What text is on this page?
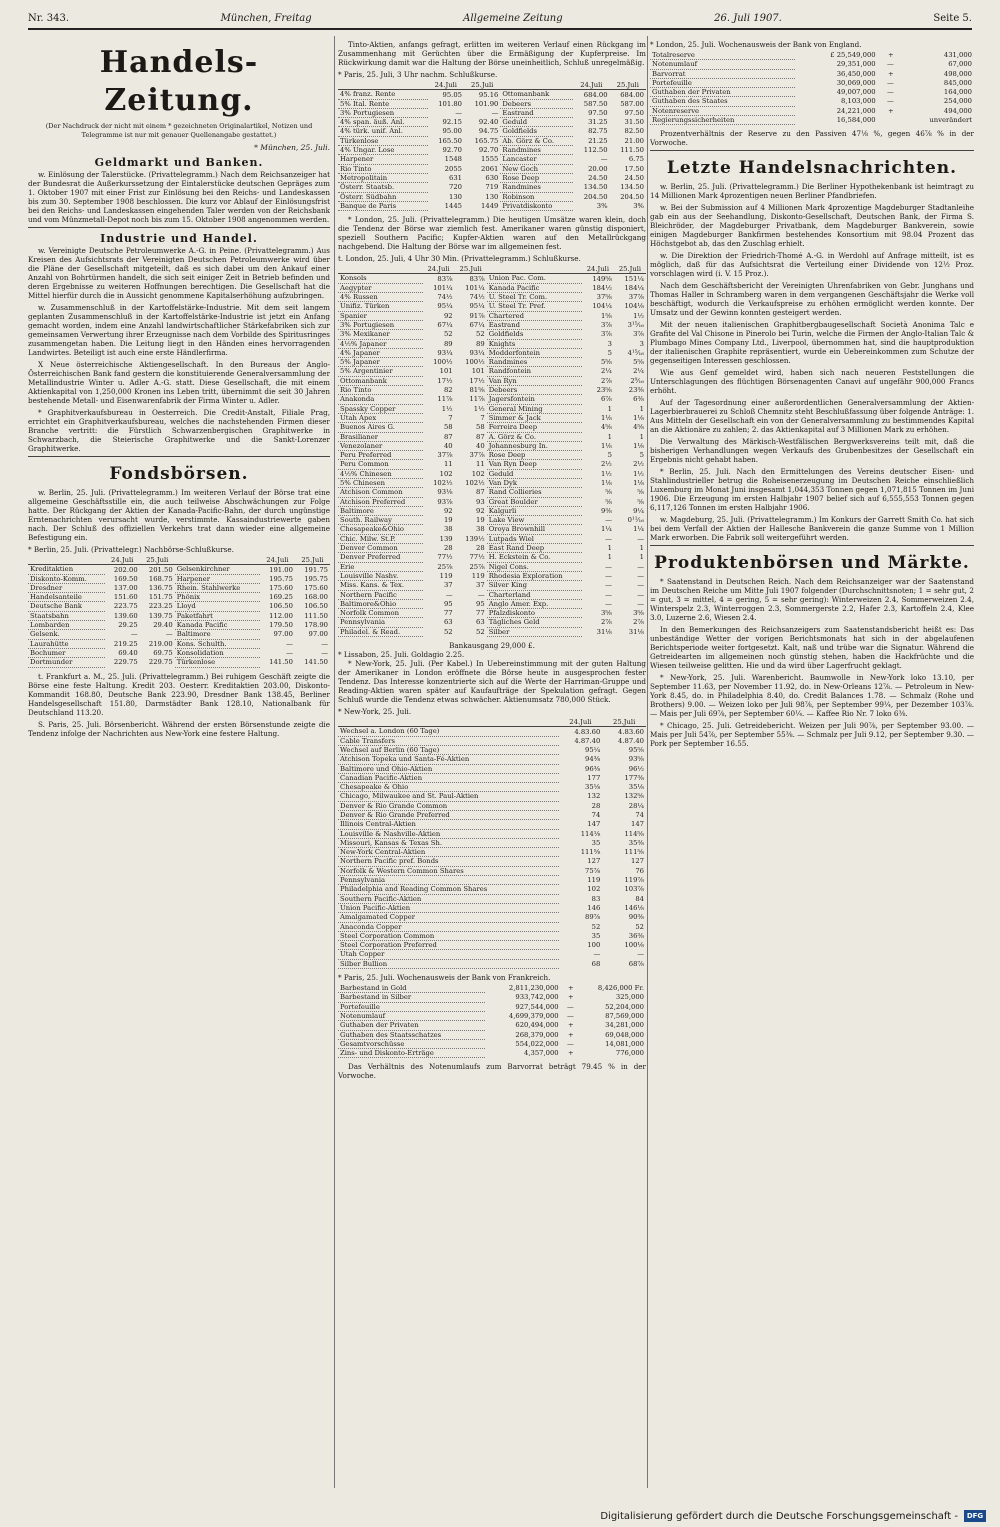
Nr. 343.	München, Freitag	Allgemeine Zeitung	26. Juli 1907.	Seite 5.
Handels-Zeitung.
(Der Nachdruck der nicht mit einem * gezeichneten Originalartikel, Notizen und Telegramme ist nur mit genauer Quellenangabe gestattet.)
* München, 25. Juli.
Geldmarkt und Banken.

w. Einlösung der Talerstücke. (Privattelegramm.) Nach dem Reichsanzeiger hat der Bundesrat die Außerkurssetzung der Eintalerstücke deutschen Gepräges zum 1. Oktober 1907 mit einer Frist zur Einlösung bei den Reichs- und Landeskassen bis zum 30. September 1908 beschlossen. Die kurz vor Ablauf der Einlösungsfrist bei den Reichs- und Landeskassen eingehenden Taler werden von der Reichsbank und vom Münzmetall-Depot noch bis zum 15. Oktober 1908 angenommen werden.

Industrie und Handel.

w. Vereinigte Deutsche Petroleumwerke A.-G. in Peine. (Privattelegramm.) Aus Kreisen des Aufsichtsrats der Vereinigten Deutschen Petroleumwerke wird über die Pläne der Gesellschaft mitgeteilt, daß es sich dabei um den Ankauf einer Anzahl von Bohrtürmen handelt, die sich seit einiger Zeit in Betrieb befinden und deren Ergebnisse zu weiteren Hoffnungen berechtigen. Die Gesellschaft hat die Mittel hierfür durch die in Aussicht genommene Kapitalserhöhung aufzubringen.

w. Zusammenschluß in der Kartoffelstärke-Industrie. Mit dem seit langem geplanten Zusammenschluß in der Kartoffelstärke-Industrie ist jetzt ein Anfang gemacht worden, indem eine Anzahl landwirtschaftlicher Stärkefabriken sich zur gemeinsamen Verwertung ihrer Erzeugnisse nach dem Vorbilde des Spiritusringes zusammengetan haben. Die Leitung liegt in den Händen eines hervorragenden Landwirtes. Beteiligt ist auch eine erste Händlerfirma.

X Neue österreichische Aktiengesellschaft. In den Bureaus der Anglo-Österreichischen Bank fand gestern die konstituierende Generalversammlung der Metallindustrie Winter u. Adler A.-G. statt. Diese Gesellschaft, die mit einem Aktienkapital von 1,250,000 Kronen ins Leben tritt, übernimmt die seit 30 Jahren bestehende Metall- und Eisenwarenfabrik der Firma Winter u. Adler.

* Graphitverkaufsbureau in Oesterreich. Die Credit-Anstalt, Filiale Prag, errichtet ein Graphitverkaufsbureau, welches die nachstehenden Firmen dieser Branche vertritt: die Fürstlich Schwarzenbergischen Graphitwerke in Schwarzbach, die Steierische Graphitwerke und die Sankt-Lorenzer Graphitwerke.

Fondsbörsen.

w. Berlin, 25. Juli. (Privattelegramm.) Im weiteren Verlauf der Börse trat eine allgemeine Geschäftsstille ein, die auch teilweise Abschwächungen zur Folge hatte. Der Rückgang der Aktien der Kanada-Pacific-Bahn, der durch ungünstige Erntenachrichten verursacht wurde, verstimmte. Kassaindustriewerte gaben nach. Der Schluß des offiziellen Verkehrs trat dann wieder eine allgemeine Befestigung ein.

* Berlin, 25. Juli. (Privattelegr.) Nachbörse-Schlußkurse.
	24.Juli	25.Juli		24.Juli	25.Juli
Kreditaktien	202.00	201.50	Gelsenkirchner	191.00	191.75
Diskonto-Komm.	169.50	168.75	Harpener	195.75	195.75
Dresdner	137.00	136.75	Rhein. Stahlwerke	175.60	175.60
Handelsanteile	151.60	151.75	Phönix	169.25	168.00
Deutsche Bank	223.75	223.25	Lloyd	106.50	106.50
Staatsbahn	139.60	139.75	Paketfahrt	112.00	111.50
Lombarden	29.25	29.40	Kanada Pacific	179.50	178.90
Gelsenk.	—	—	Baltimore	97.00	97.00
Laurahütte	219.25	219.00	Kons. Schulth.	—	—
Bochumer	69.40	69.75	Konsolidation	—	—
Dortmunder	229.75	229.75	Türkenlose	141.50	141.50

t. Frankfurt a. M., 25. Juli. (Privattelegramm.) Bei ruhigem Geschäft zeigte die Börse eine feste Haltung. Kredit 203. Oesterr. Kreditaktien 203.00, Diskonto-Kommandit 168.80, Deutsche Bank 223.90, Dresdner Bank 138.45, Berliner Handelsgesellschaft 151.80, Darmstädter Bank 128.10, Nationalbank für Deutschland 113.20.

S. Paris, 25. Juli. Börsenbericht. Während der ersten Börsenstunde zeigte die Tendenz infolge der Nachrichten aus New-York eine festere Haltung.

Tinto-Aktien, anfangs gefragt, erlitten im weiteren Verlauf einen Rückgang im Zusammenhang mit Gerüchten über die Ermäßigung der Kupferpreise. Im Rückwirkung damit war die Haltung der Börse uneinheitlich, Schluß unregelmäßig.

* Paris, 25. Juli, 3 Uhr nachm. Schlußkurse.
	24.Juli	25.Juli		24.Juli	25.Juli
4% franz. Rente	95.05	95.16	Ottomanbank	684.00	684.00
5% Ital. Rente	101.80	101.90	Debeers	587.50	587.00
3% Portugiesen	—	—	Eastrand	97.50	97.50
4% span. äuß. Anl.	92.15	92.40	Geduld	31.25	31.50
4% türk. unif. Anl.	95.00	94.75	Goldfields	82.75	82.50
Türkenlose	165.50	165.75	Ab. Görz & Co.	21.25	21.00
4% Ungar. Lose	92.70	92.70	Randmines	112.50	111.50
Harpener	1548	1555	Lancaster	—	6.75
Rio Tinto	2055	2061	New Goch	20.00	17.50
Metropolitain	631	630	Rose Deep	24.50	24.50
Österr. Staatsb.	720	719	Randmines	134.50	134.50
Österr. Südbahn	130	130	Robinson	204.50	204.50
Banque de Paris	1445	1449	Privatdiskonto	3%	3%

* London, 25. Juli. (Privattelegramm.) Die heutigen Umsätze waren klein, doch die Tendenz der Börse war ziemlich fest. Amerikaner waren günstig disponiert, speziell Southern Pacific; Kupfer-Aktien waren auf den Metallrückgang nachgebend. Die Haltung der Börse war im allgemeinen fest.

t. London, 25. Juli, 4 Uhr 30 Min. (Privattelegramm.) Schlußkurse.
	24.Juli	25.Juli		24.Juli	25.Juli
Konsols	83⅞	83⅞	Union Pac. Com.	149⅝	151¼
Aegypter	101¼	101¼	Kanada Pacific	184½	184¼
4% Russen	74½	74½	U. Steel Tr. Com.	37⅝	37⅞
Unifiz. Türken	95¼	95¼	U. Steel Tr. Pref.	104¼	104⅛
Spanier	92	91⅞	Chartered	1⅝	1½
3% Portugiesen	67¼	67¼	Eastrand	3⅞	3¹⁵⁄₁₆
3% Mexikaner	52	52	Goldfields	3⅞	3⅞
4½% Japaner	89	89	Knights	3	3
4% Japaner	93¼	93¼	Modderfontein	5	4¹⁵⁄₁₆
5% Japaner	100½	100½	Randmines	5⅝	5⅝
5% Argentinier	101	101	Randfontein	2¼	2¼
Ottomanbank	17½	17½	Van Ryn	2⅞	2⁹⁄₁₆
Rio Tinto	82	81⅝	Debeers	23⅝	23⅜
Anakonda	11⅞	11⅞	Jagersfontein	6⅞	6⅜
Spassky Copper	1½	1½	General Mining	1	1
Utah Apex	7	7	Simmer & Jack	1⅛	1⅛
Buenos Aires G.	58	58	Ferreira Deep	4⅝	4⅝
Brasilianer	87	87	A. Görz & Co.	1	1
Venezolaner	40	40	Johannesburg In.	1⅛	1⅛
Peru Preferred	37⅞	37⅞	Rose Deep	5	5
Peru Common	11	11	Van Ryn Deep	2½	2½
4½% Chinesen	102	102	Geduld	1½	1½
5% Chinesen	102½	102½	Van Dyk	1⅛	1⅛
Atchison Common	93⅛	87	Rand Collieries	⅝	⅝
Atchison Preferred	93⅞	93	Great Boulder	⅝	⅝
Baltimore	92	92	Kalgurli	9⅜	9¼
South. Railway	19	19	Lake View	—	0¹¹⁄₁₆
Chesapeake&Ohio	38	38	Oroya Brownhill	1¼	1¼
Chic. Milw. St.P.	139	139½	Lutpads Wiel	—	—
Denver Common	28	28	East Rand Deep	1	1
Denver Preferred	77½	77½	H. Eckstein & Co.	1	1
Erie	25⅞	25⅞	Nigel Cons.	—	—
Louisville Nashv.	119	119	Rhodesia Exploration	—	—
Miss. Kans. & Tex.	37	37	Silver King	—	—
Northern Pacific	—	—	Charterland	—	—
Baltimore&Ohio	95	95	Anglo Amer. Exp.	—	—
Norfolk Common	77	77	Pfalzdiskonto	3⅝	3⅝
Pennsylvania	63	63	Tägliches Geld	2⅞	2⅞
Philadel. & Read.	52	52	Silber	31⅛	31⅛
Bankausgang 29,000 £.
* Lissabon, 25. Juli. Goldagio 2.25.

* New-York, 25. Juli. (Per Kabel.) In Uebereinstimmung mit der guten Haltung der Amerikaner in London eröffnete die Börse heute in ausgesprochen fester Tendenz. Das Interesse konzentrierte sich auf die Werte der Harriman-Gruppe und Reading-Aktien waren später auf Kaufaufträge der Spekulation gefragt. Gegen Schluß wurde die Tendenz etwas schwächer. Aktienumsatz 780,000 Stück.

* New-York, 25. Juli.
	24.Juli	25.Juli
Wechsel a. London (60 Tage)	4.83.60	4.83.60
Cable Transfers	4.87.40	4.87.40
Wechsel auf Berlin (60 Tage)	95¼	95⅝
Atchison Topeka und Santa-Fé-Aktien	94⅜	93⅝
Baltimore und Ohio-Aktien	96⅜	96½
Canadian Pacific-Aktien	177	177⅜
Chesapeake & Ohio	35⅛	35⅛
Chicago, Milwaukee and St. Paul-Aktien	132	132⅝
Denver & Rio Grande Common	28	28¼
Denver & Rio Grande Preferred	74	74
Illinois Central-Aktien	147	147
Louisville & Nashville-Aktien	114⅛	114⅝
Missouri, Kansas & Texas Sh.	35	35⅜
New-York Central-Aktien	111⅝	111⅝
Northern Pacific pref. Bonds	127	127
Norfolk & Western Common Shares	75⅞	76
Pennsylvania	119	119⅞
Philadelphia and Reading Common Shares	102	103⅞
Southern Pacific-Aktien	83	84
Union Pacific-Aktien	146	146⅛
Amalgamated Copper	89⅞	90⅜
Anaconda Copper	52	52
Steel Corporation Common	35	36⅜
Steel Corporation Preferred	100	100⅛
Utah Copper	—	—
Silber Bullion	68	68⅞
* Paris, 25. Juli. Wochenausweis der Bank von Frankreich.
Barbestand in Gold	2,811,230,000	+	8,426,000 Fr.
Barbestand in Silber	933,742,000	+	325,000
Portefeuille	927,544,000	—	52,204,000
Notenumlauf	4,699,379,000	—	87,569,000
Guthaben der Privaten	620,494,000	+	34,281,000
Guthaben des Staatsschatzes	268,379,000	+	69,048,000
Gesamtvorschüsse	554,022,000	—	14,081,000
Zins- und Diskonto-Erträge	4,357,000	+	776,000

Das Verhältnis des Notenumlaufs zum Barvorrat beträgt 79.45 % in der Vorwoche.

* London, 25. Juli. Wochenausweis der Bank von England.
Totalreserve	£ 25,549,000	+	431,000
Notenumlauf	29,351,000	—	67,000
Barvorrat	36,450,000	+	498,000
Portefeuille	30,069,000	—	845,000
Guthaben der Privaten	49,007,000	—	164,000
Guthaben des Staates	8,103,000	—	254,000
Notenreserve	24,221,000	+	494,000
Regierungssicherheiten	16,584,000		unverändert

Prozentverhältnis der Reserve zu den Passiven 47⅛ %, gegen 46⅞ % in der Vorwoche.

Letzte Handelsnachrichten.

w. Berlin, 25. Juli. (Privattelegramm.) Die Berliner Hypothekenbank ist heimtragt zu 14 Millionen Mark 4prozentigen neuen Berliner Pfandbriefen.

w. Bei der Submission auf 4 Millionen Mark 4prozentige Magdeburger Stadtanleihe gab ein aus der Seehandlung, Diskonto-Gesellschaft, Deutschen Bank, der Firma S. Bleichröder, der Magdeburger Privatbank, dem Magdeburger Bankverein, sowie einigen Magdeburger Bankfirmen bestehendes Konsortium mit 98.04 Prozent das Höchstgebot ab, das den Zuschlag erhielt.

w. Die Direktion der Friedrich-Thomé A.-G. in Werdohl auf Anfrage mitteilt, ist es möglich, daß für das Aufsichtsrat die Verteilung einer Dividende von 12½ Proz. vorschlagen wird (i. V. 15 Proz.).

Nach dem Geschäftsbericht der Vereinigten Uhrenfabriken von Gebr. Junghans und Thomas Haller in Schramberg waren in dem vergangenen Geschäftsjahr die Werke voll beschäftigt, wodurch die Verkaufspreise zu erhöhen ermöglicht werden konnte. Der Umsatz und der Gewinn konnten gesteigert werden.

Mit der neuen italienischen Graphitbergbaugesellschaft Società Anonima Talc e Grafite del Val Chisone in Pinerolo bei Turin, welche die Firmen der Anglo-Italian Talc & Plumbago Mines Company Ltd., Liverpool, übernommen hat, sind die hauptproduktion der italienischen Graphite repräsentiert, wurde ein Uebereinkommen zum Schutze der gegenseitigen Interessen geschlossen.

Wie aus Genf gemeldet wird, haben sich nach neueren Feststellungen die Unterschlagungen des flüchtigen Börsenagenten Canavi auf ungefähr 900,000 Francs erhöht.

Auf der Tagesordnung einer außerordentlichen Generalversammlung der Aktien-Lagerbierbrauerei zu Schloß Chemnitz steht Beschlußfassung über folgende Anträge: 1. Aus Mitteln der Gesellschaft ein von der Generalversammlung zu bestimmendes Kapital an die Aktionäre zu zahlen; 2. das Aktienkapital auf 3 Millionen Mark zu erhöhen.

Die Verwaltung des Märkisch-Westfälischen Bergwerksvereins teilt mit, daß die bisherigen Verhandlungen wegen Verkaufs des Grubenbesitzes der Gesellschaft ein Ergebnis nicht gehabt haben.

* Berlin, 25. Juli. Nach den Ermittelungen des Vereins deutscher Eisen- und Stahlindustrieller betrug die Roheisenerzeugung im Deutschen Reiche einschließlich Luxemburg im Monat Juni insgesamt 1,044,353 Tonnen gegen 1,071,815 Tonnen im Juni 1906. Die Erzeugung im ersten Halbjahr 1907 belief sich auf 6,555,553 Tonnen gegen 6,117,126 Tonnen im ersten Halbjahr 1906.

w. Magdeburg, 25. Juli. (Privattelegramm.) Im Konkurs der Garrett Smith Co. hat sich bei dem Verfall der Aktien der Hallesche Bankverein die ganze Summe von 1 Million Mark erworben. Die Fabrik soll weitergeführt werden.

Produktenbörsen und Märkte.

* Saatenstand in Deutschen Reich. Nach dem Reichsanzeiger war der Saatenstand im Deutschen Reiche um Mitte Juli 1907 folgender (Durchschnittsnoten; 1 = sehr gut, 2 = gut, 3 = mittel, 4 = gering, 5 = sehr gering): Winterweizen 2.4, Sommerweizen 2.4, Winterspelz 2.3, Winterroggen 2.3, Sommergerste 2.2, Hafer 2.3, Kartoffeln 2.4, Klee 3.0, Luzerne 2.6, Wiesen 2.4.

In den Bemerkungen des Reichsanzeigers zum Saatenstandsbericht heißt es: Das unbeständige Wetter der vorigen Berichtsmonats hat sich in der abgelaufenen Berichtsperiode weiter fortgesetzt. Kalt, naß und trübe war die Signatur. Während die Getreidearten im allgemeinen noch günstig stehen, haben die Hackfrüchte und die Wiesen teilweise gelitten. Hie und da wird über Lagerfrucht geklagt.

* New-York, 25. Juli. Warenbericht. Baumwolle in New-York loko 13.10, per September 11.63, per November 11.92, do. in New-Orleans 12⅞. — Petroleum in New-York 8.45, do. in Philadelphia 8.40, do. Credit Balances 1.78. — Schmalz (Rohe und Brothers) 9.00. — Weizen loko per Juli 98⅞, per September 99¼, per Dezember 103⅞. — Mais per Juli 69⅞, per September 60¼. — Kaffee Rio Nr. 7 loko 6⅜.

* Chicago, 25. Juli. Getreidebericht. Weizen per Juli 90⅞, per September 93.00. — Mais per Juli 54⅞, per September 55⅜. — Schmalz per Juli 9.12, per September 9.30. — Pork per September 16.55.

Digitalisierung gefördert durch die Deutsche Forschungsgemeinschaft -	DFG
